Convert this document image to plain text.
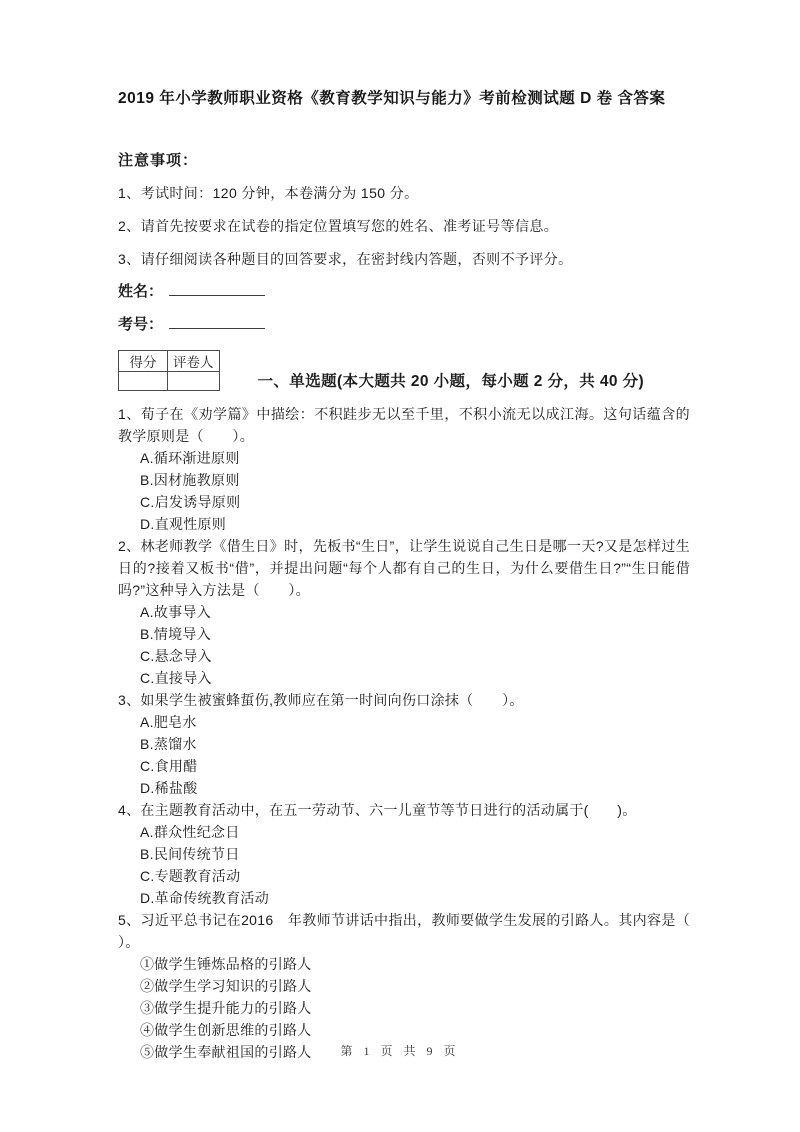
2019 年小学教师职业资格《教育教学知识与能力》考前检测试题 D 卷 含答案
注意事项：
1、考试时间：120 分钟，本卷满分为 150 分。
2、请首先按要求在试卷的指定位置填写您的姓名、准考证号等信息。
3、请仔细阅读各种题目的回答要求，在密封线内答题，否则不予评分。
姓名：
考号：
得分	评卷人

一、单选题(本大题共 20 小题，每小题 2 分，共 40 分)
1、荀子在《劝学篇》中描绘：不积跬步无以至千里，不积小流无以成江海。这句话蕴含的教学原则是（　　）。
A.循环渐进原则
B.因材施教原则
C.启发诱导原则
D.直观性原则
2、林老师教学《借生日》时，先板书“生日”，让学生说说自己生日是哪一天?又是怎样过生日的?接着又板书“借”，并提出问题“每个人都有自己的生日，为什么要借生日?”“生日能借吗?”这种导入方法是（　　）。
A.故事导入
B.情境导入
C.悬念导入
C.直接导入
3、如果学生被蜜蜂蜇伤,教师应在第一时间向伤口涂抹（　　）。
A.肥皂水
B.蒸馏水
C.食用醋
D.稀盐酸
4、在主题教育活动中，在五一劳动节、六一儿童节等节日进行的活动属于(　　)。
A.群众性纪念日
B.民间传统节日
C.专题教育活动
D.革命传统教育活动
5、习近平总书记在2016　年教师节讲话中指出，教师要做学生发展的引路人。其内容是（ ）。
①做学生锤炼品格的引路人
②做学生学习知识的引路人
③做学生提升能力的引路人
④做学生创新思维的引路人
⑤做学生奉献祖国的引路人	第 1 页 共 9 页
